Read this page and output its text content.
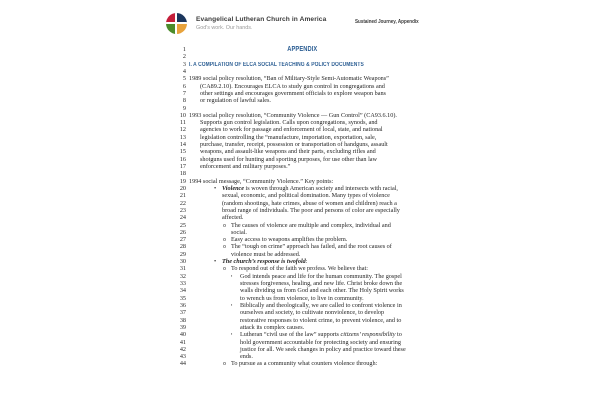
Evangelical Lutheran Church in America
God's work. Our hands.
Sustained Journey, Appendix
1	APPENDIX
2
3 I. A COMPILATION OF ELCA SOCIAL TEACHING & POLICY DOCUMENTS
4
5 1989 social policy resolution, “Ban of Military-Style Semi-Automatic Weapons”
6	(CA89.2.10). Encourages ELCA to study gun control in congregations and
7	other settings and encourages government officials to explore weapon bans
8	or regulation of lawful sales.
9
10 1993 social policy resolution, “Community Violence — Gun Control” (CA93.6.10).
11	Supports gun control legislation. Calls upon congregations, synods, and
12	agencies to work for passage and enforcement of local, state, and national
13	legislation controlling the “manufacture, importation, exportation, sale,
14	purchase, transfer, receipt, possession or transportation of handguns, assault
15	weapons, and assault-like weapons and their parts, excluding rifles and
16	shotguns used for hunting and sporting purposes, for use other than law
17	enforcement and military purposes.”
18
19 1994 social message, “Community Violence.” Key points:
20	• Violence is woven through American society and intersects with racial,
21	sexual, economic, and political domination. Many types of violence
22	(random shootings, hate crimes, abuse of women and children) reach a
23	broad range of individuals. The poor and persons of color are especially
24	affected.
25	o The causes of violence are multiple and complex, individual and
26	social.
27	o Easy access to weapons amplifies the problem.
28	o The “tough on crime” approach has failed, and the root causes of
29	violence must be addressed.
30	• The church’s response is twofold:
31	o To respond out of the faith we profess. We believe that:
32	▪ God intends peace and life for the human community. The gospel
33	stresses forgiveness, healing, and new life. Christ broke down the
34	walls dividing us from God and each other. The Holy Spirit works
35	to wrench us from violence, to live in community.
36	▪ Biblically and theologically, we are called to confront violence in
37	ourselves and society, to cultivate nonviolence, to develop
38	restorative responses to violent crime, to prevent violence, and to
39	attack its complex causes.
40	▪ Lutheran “civil use of the law” supports citizens’ responsibility to
41	hold government accountable for protecting society and ensuring
42	justice for all. We seek changes in policy and practice toward these
43	ends.
44	o To pursue as a community what counters violence through:
